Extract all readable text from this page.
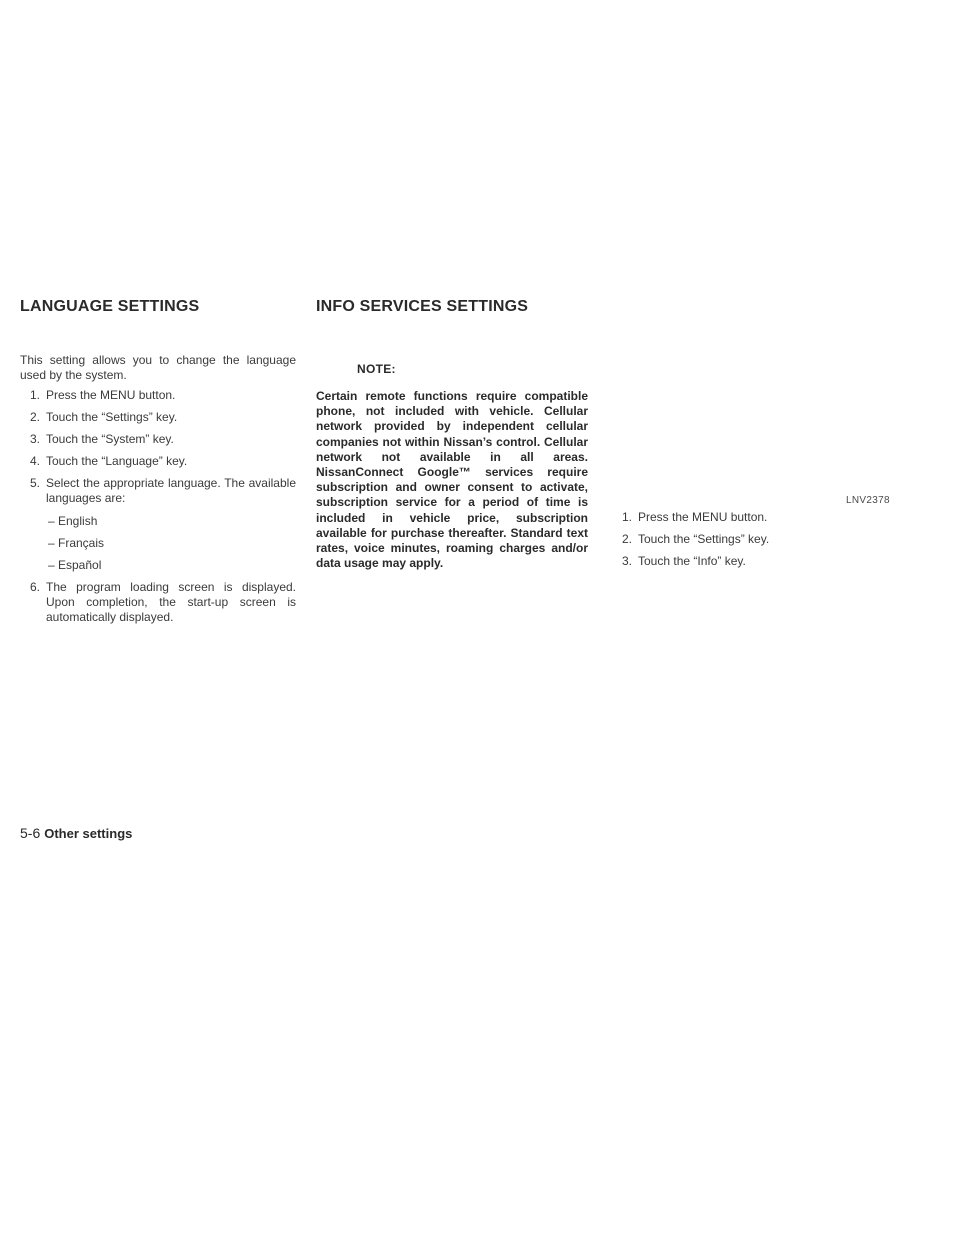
LANGUAGE SETTINGS	INFO SERVICES SETTINGS

This setting allows you to change the language used by the system.

1. Press the MENU button.
2. Touch the “Settings” key.
3. Touch the “System” key.
4. Touch the “Language” key.
5. Select the appropriate language. The available languages are:
– English
– Français
– Español
6. The program loading screen is displayed. Upon completion, the start-up screen is automatically displayed.

NOTE:

Certain remote functions require compatible phone, not included with vehicle. Cellular network provided by independent cellular companies not within Nissan’s control. Cellular network not available in all areas. NissanConnect Google™ services require subscription and owner consent to activate, subscription service for a period of time is included in vehicle price, subscription available for purchase thereafter. Standard text rates, voice minutes, roaming charges and/or data usage may apply.

LNV2378
1. Press the MENU button.
2. Touch the “Settings” key.
3. Touch the “Info” key.
5-6 Other settings
